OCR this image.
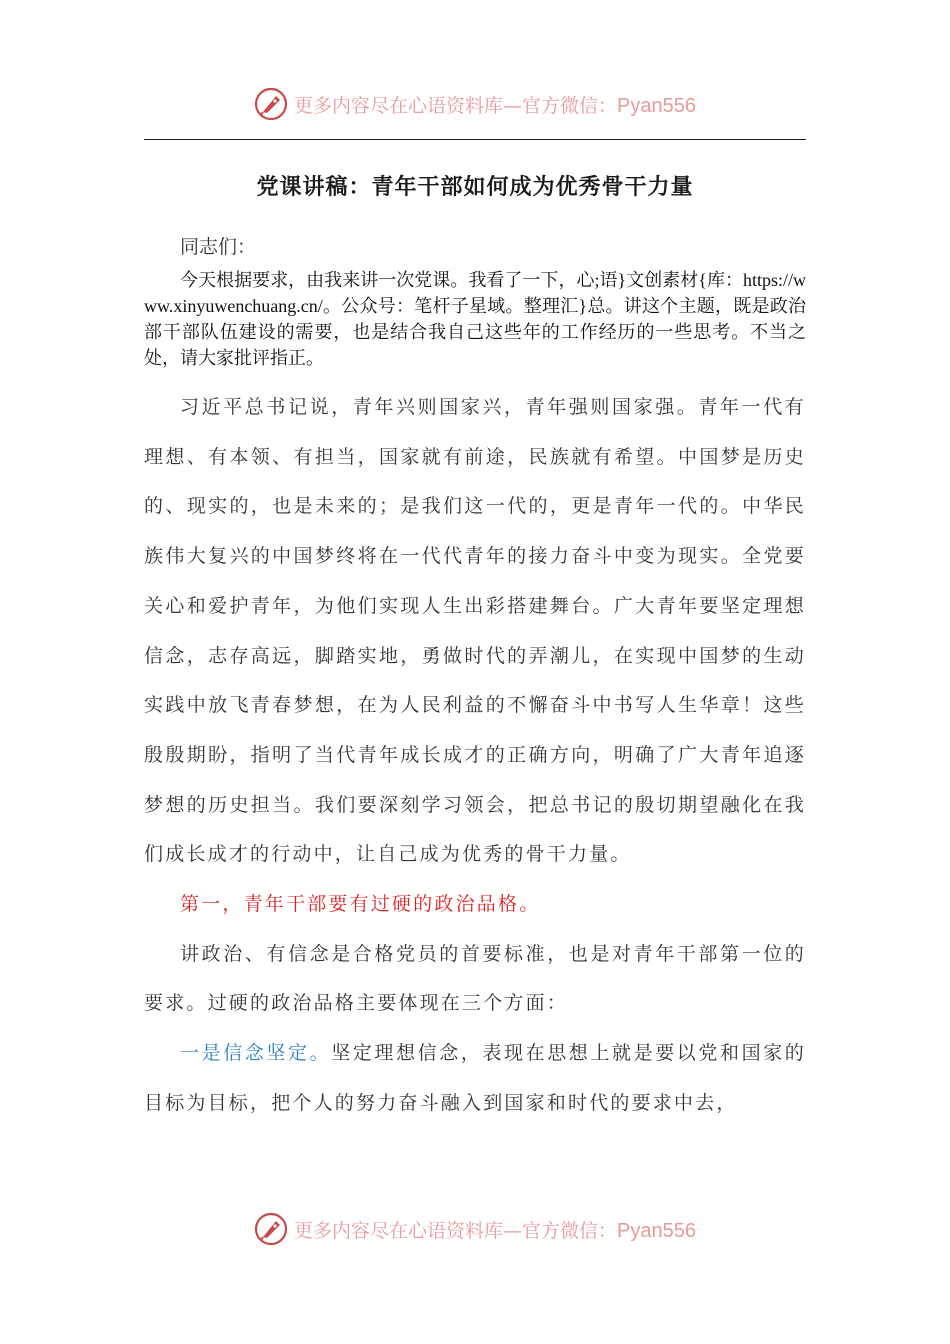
更多内容尽在心语资料库—官方微信：Pyan556
党课讲稿：青年干部如何成为优秀骨干力量

同志们：

今天根据要求，由我来讲一次党课。我看了一下，心;语}文创素材{库：https://www.xinyuwenchuang.cn/。公众号：笔杆子星域。整理汇}总。讲这个主题，既是政治部干部队伍建设的需要，也是结合我自己这些年的工作经历的一些思考。不当之处，请大家批评指正。

习近平总书记说，青年兴则国家兴，青年强则国家强。青年一代有理想、有本领、有担当，国家就有前途，民族就有希望。中国梦是历史的、现实的，也是未来的；是我们这一代的，更是青年一代的。中华民族伟大复兴的中国梦终将在一代代青年的接力奋斗中变为现实。全党要关心和爱护青年，为他们实现人生出彩搭建舞台。广大青年要坚定理想信念，志存高远，脚踏实地，勇做时代的弄潮儿，在实现中国梦的生动实践中放飞青春梦想，在为人民利益的不懈奋斗中书写人生华章！这些殷殷期盼，指明了当代青年成长成才的正确方向，明确了广大青年追逐梦想的历史担当。我们要深刻学习领会，把总书记的殷切期望融化在我们成长成才的行动中，让自己成为优秀的骨干力量。

第一，青年干部要有过硬的政治品格。

讲政治、有信念是合格党员的首要标准，也是对青年干部第一位的要求。过硬的政治品格主要体现在三个方面：

一是信念坚定。坚定理想信念，表现在思想上就是要以党和国家的目标为目标，把个人的努力奋斗融入到国家和时代的要求中去，

更多内容尽在心语资料库—官方微信：Pyan556
